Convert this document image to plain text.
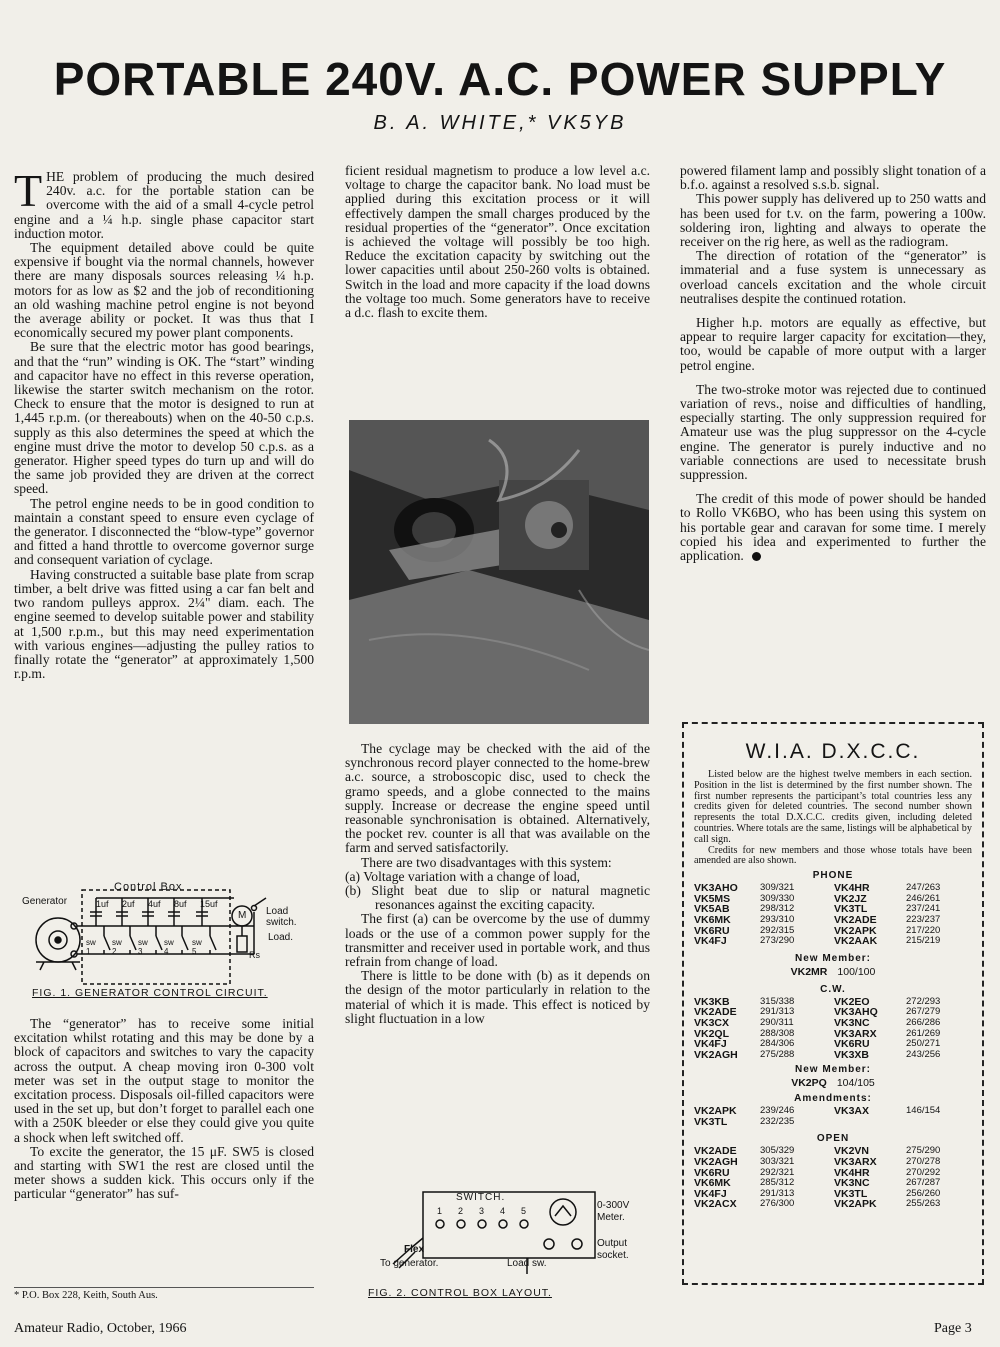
PORTABLE 240V. A.C. POWER SUPPLY
B. A. WHITE,* VK5YB

THE problem of producing the much desired 240v. a.c. for the portable station can be overcome with the aid of a small 4-cycle petrol engine and a ¼ h.p. single phase capacitor start induction motor.

The equipment detailed above could be quite expensive if bought via the normal channels, however there are many disposals sources releasing ¼ h.p. motors for as low as $2 and the job of reconditioning an old washing machine petrol engine is not beyond the average ability or pocket. It was thus that I economically secured my power plant components.

Be sure that the electric motor has good bearings, and that the “run” winding is OK. The “start” winding and capacitor have no effect in this reverse operation, likewise the starter switch mechanism on the rotor. Check to ensure that the motor is designed to run at 1,445 r.p.m. (or thereabouts) when on the 40-50 c.p.s. supply as this also determines the speed at which the engine must drive the motor to develop 50 c.p.s. as a generator. Higher speed types do turn up and will do the same job provided they are driven at the correct speed.

The petrol engine needs to be in good condition to maintain a constant speed to ensure even cyclage of the generator. I disconnected the “blow-type” governor and fitted a hand throttle to overcome governor surge and consequent variation of cyclage.

Having constructed a suitable base plate from scrap timber, a belt drive was fitted using a car fan belt and two random pulleys approx. 2¼" diam. each. The engine seemed to develop suitable power and stability at 1,500 r.p.m., but this may need experimentation with various engines—adjusting the pulley ratios to finally rotate the “generator” at approximately 1,500 r.p.m.

Control Box
Generator
Load switch.
Load.
M
Rs
1uf 2uf 4uf 8uf 15uf
sw 1
sw 2
sw 3
sw 4
sw 5
FIG. 1. GENERATOR CONTROL CIRCUIT.

The “generator” has to receive some initial excitation whilst rotating and this may be done by a block of capacitors and switches to vary the capacity across the output. A cheap moving iron 0-300 volt meter was set in the output stage to monitor the excitation process. Disposals oil-filled capacitors were used in the set up, but don’t forget to parallel each one with a 250K bleeder or else they could give you quite a shock when left switched off.

To excite the generator, the 15 μF. SW5 is closed and starting with SW1 the rest are closed until the meter shows a sudden kick. This occurs only if the particular “generator” has suf-

* P.O. Box 228, Keith, South Aus.

ficient residual magnetism to produce a low level a.c. voltage to charge the capacitor bank. No load must be applied during this excitation process or it will effectively dampen the small charges produced by the residual properties of the “generator”. Once excitation is achieved the voltage will possibly be too high. Reduce the excitation capacity by switching out the lower capacities until about 250-260 volts is obtained. Switch in the load and more capacity if the load downs the voltage too much. Some generators have to receive a d.c. flash to excite them.

The cyclage may be checked with the aid of the synchronous record player connected to the home-brew a.c. source, a stroboscopic disc, used to check the gramo speeds, and a globe connected to the mains supply. Increase or decrease the engine speed until reasonable synchronisation is obtained. Alternatively, the pocket rev. counter is all that was available on the farm and served satisfactorily.

There are two disadvantages with this system:

(a) Voltage variation with a change of load,

(b) Slight beat due to slip or natural magnetic resonances against the exciting capacity.

The first (a) can be overcome by the use of dummy loads or the use of a common power supply for the transmitter and receiver used in portable work, and thus refrain from change of load.

There is little to be done with (b) as it depends on the design of the motor particularly in relation to the material of which it is made. This effect is noticed by slight fluctuation in a low

SWITCH.
1 2 3 4 5	0-300V Meter.
Output socket.
Flex
To generator.	Load sw.
FIG. 2. CONTROL BOX LAYOUT.

powered filament lamp and possibly slight tonation of a b.f.o. against a resolved s.s.b. signal.

This power supply has delivered up to 250 watts and has been used for t.v. on the farm, powering a 100w. soldering iron, lighting and always to operate the receiver on the rig here, as well as the radiogram.

The direction of rotation of the “generator” is immaterial and a fuse system is unnecessary as overload cancels excitation and the whole circuit neutralises despite the continued rotation.

Higher h.p. motors are equally as effective, but appear to require larger capacity for excitation—they, too, would be capable of more output with a larger petrol engine.

The two-stroke motor was rejected due to continued variation of revs., noise and difficulties of handling, especially starting. The only suppression required for Amateur use was the plug suppressor on the 4-cycle engine. The generator is purely inductive and no variable connections are used to necessitate brush suppression.

The credit of this mode of power should be handed to Rollo VK6BO, who has been using this system on his portable gear and caravan for some time. I merely copied his idea and experimented to further the application.

W.I.A. D.X.C.C.

Listed below are the highest twelve members in each section. Position in the list is determined by the first number shown. The first number represents the participant’s total countries less any credits given for deleted countries. The second number shown represents the total D.X.C.C. credits given, including deleted countries. Where totals are the same, listings will be alphabetical by call sign.

Credits for new members and those whose totals have been amended are also shown.

PHONE
VK3AHO	309/321	VK4HR	247/263
VK5MS	309/330	VK2JZ	246/261
VK5AB	298/312	VK3TL	237/241
VK6MK	293/310	VK2ADE	223/237
VK6RU	292/315	VK2APK	217/220
VK4FJ	273/290	VK2AAK	215/219
New Member:
VK2MR 100/100
C.W.
VK3KB	315/338	VK2EO	272/293
VK2ADE	291/313	VK3AHQ	267/279
VK3CX	290/311	VK3NC	266/286
VK2QL	288/308	VK3ARX	261/269
VK4FJ	284/306	VK6RU	250/271
VK2AGH	275/288	VK3XB	243/256
New Member:
VK2PQ 104/105
Amendments:
VK2APK	239/246	VK3AX	146/154
VK3TL	232/235
OPEN
VK2ADE	305/329	VK2VN	275/290
VK2AGH	303/321	VK3ARX	270/278
VK6RU	292/321	VK4HR	270/292
VK6MK	285/312	VK3NC	267/287
VK4FJ	291/313	VK3TL	256/260
VK2ACX	276/300	VK2APK	255/263
Amateur Radio, October, 1966	Page 3
